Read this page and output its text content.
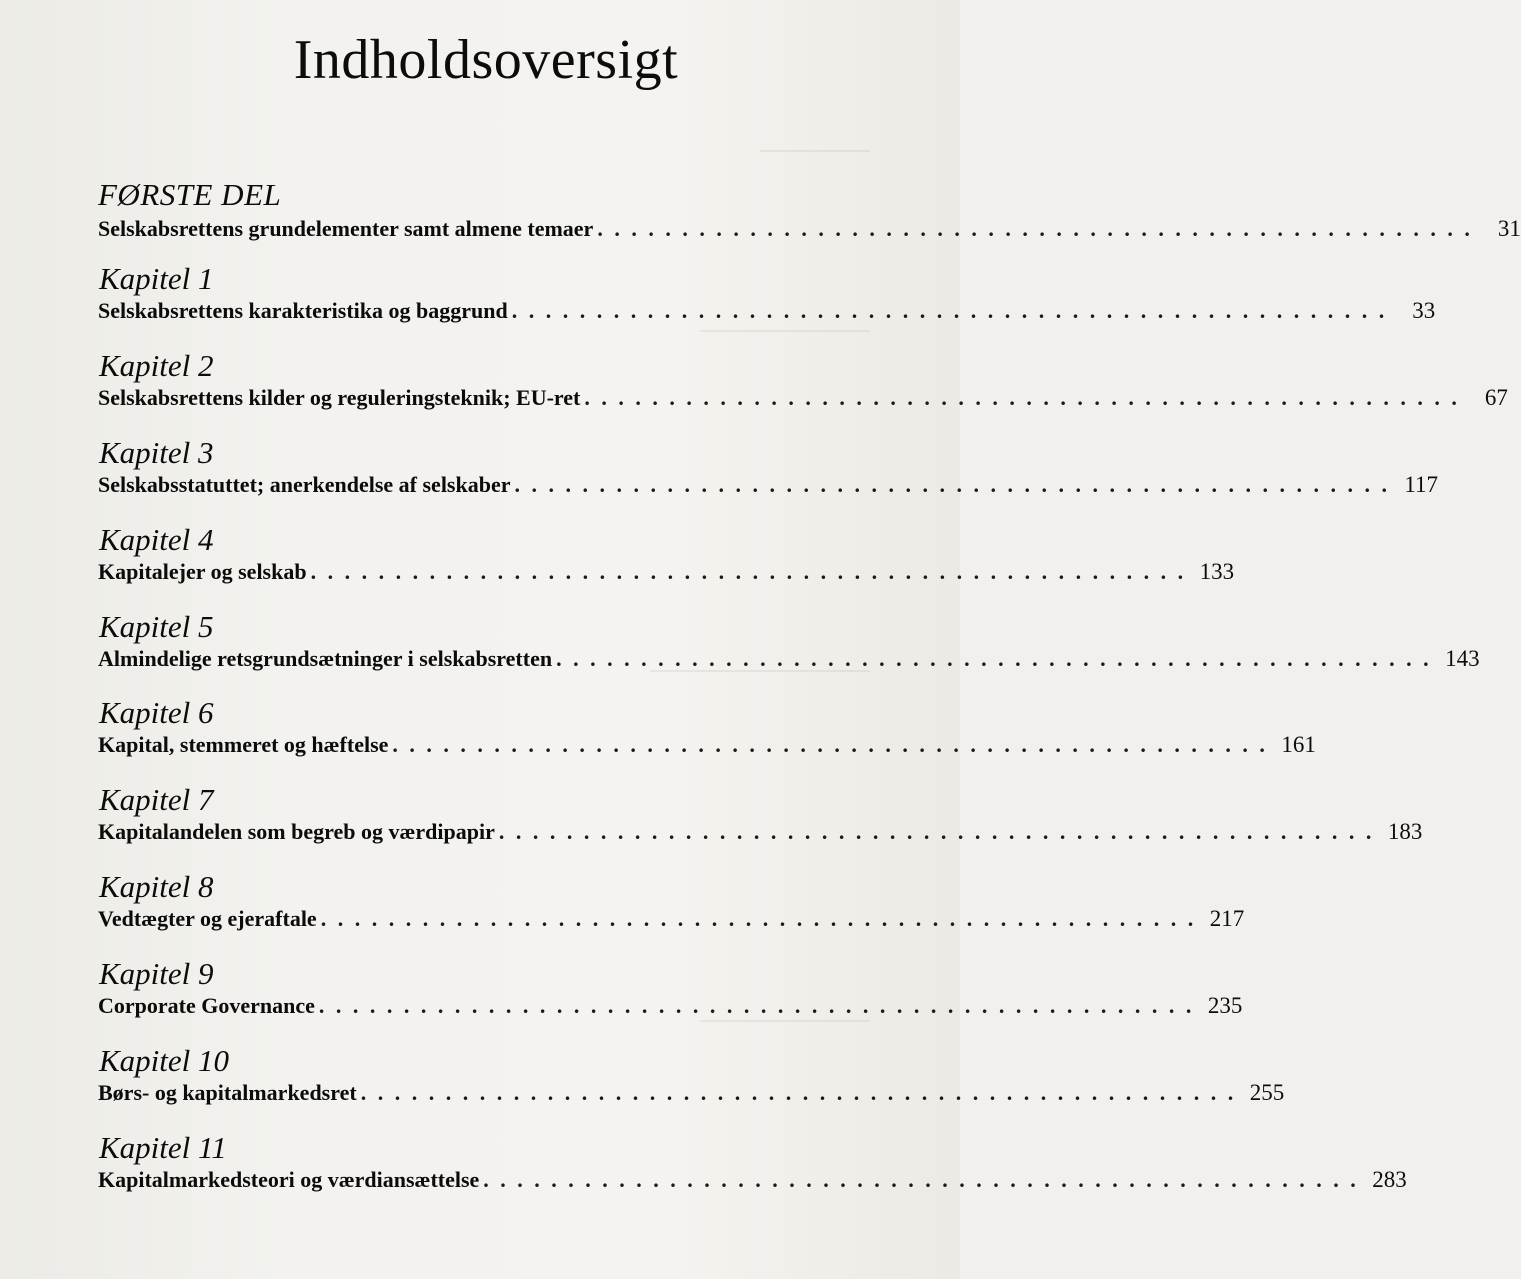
Indholdsoversigt

FØRSTE DEL

Selskabsrettens grundelementer samt almene temaer . . . . . . . . . . . . . . . . . . . . . . . . . . . . . . . . . . . . . . . . . . . . . . . . . . . .	31

Kapitel 1

Selskabsrettens karakteristika og baggrund . . . . . . . . . . . . . . . . . . . . . . . . . . . . . . . . . . . . . . . . . . . . . . . . . . . .	33

Kapitel 2

Selskabsrettens kilder og reguleringsteknik; EU-ret . . . . . . . . . . . . . . . . . . . . . . . . . . . . . . . . . . . . . . . . . . . . . . . . . . . .	67

Kapitel 3

Selskabsstatuttet; anerkendelse af selskaber . . . . . . . . . . . . . . . . . . . . . . . . . . . . . . . . . . . . . . . . . . . . . . . . . . . . 117

Kapitel 4

Kapitalejer og selskab . . . . . . . . . . . . . . . . . . . . . . . . . . . . . . . . . . . . . . . . . . . . . . . . . . . . 133

Kapitel 5

Almindelige retsgrundsætninger i selskabsretten . . . . . . . . . . . . . . . . . . . . . . . . . . . . . . . . . . . . . . . . . . . . . . . . . . . . 143

Kapitel 6

Kapital, stemmeret og hæftelse . . . . . . . . . . . . . . . . . . . . . . . . . . . . . . . . . . . . . . . . . . . . . . . . . . . . 161

Kapitel 7

Kapitalandelen som begreb og værdipapir . . . . . . . . . . . . . . . . . . . . . . . . . . . . . . . . . . . . . . . . . . . . . . . . . . . . 183

Kapitel 8

Vedtægter og ejeraftale . . . . . . . . . . . . . . . . . . . . . . . . . . . . . . . . . . . . . . . . . . . . . . . . . . . . 217

Kapitel 9

Corporate Governance . . . . . . . . . . . . . . . . . . . . . . . . . . . . . . . . . . . . . . . . . . . . . . . . . . . . 235

Kapitel 10

Børs- og kapitalmarkedsret . . . . . . . . . . . . . . . . . . . . . . . . . . . . . . . . . . . . . . . . . . . . . . . . . . . . 255

Kapitel 11

Kapitalmarkedsteori og værdiansættelse . . . . . . . . . . . . . . . . . . . . . . . . . . . . . . . . . . . . . . . . . . . . . . . . . . . . 283
